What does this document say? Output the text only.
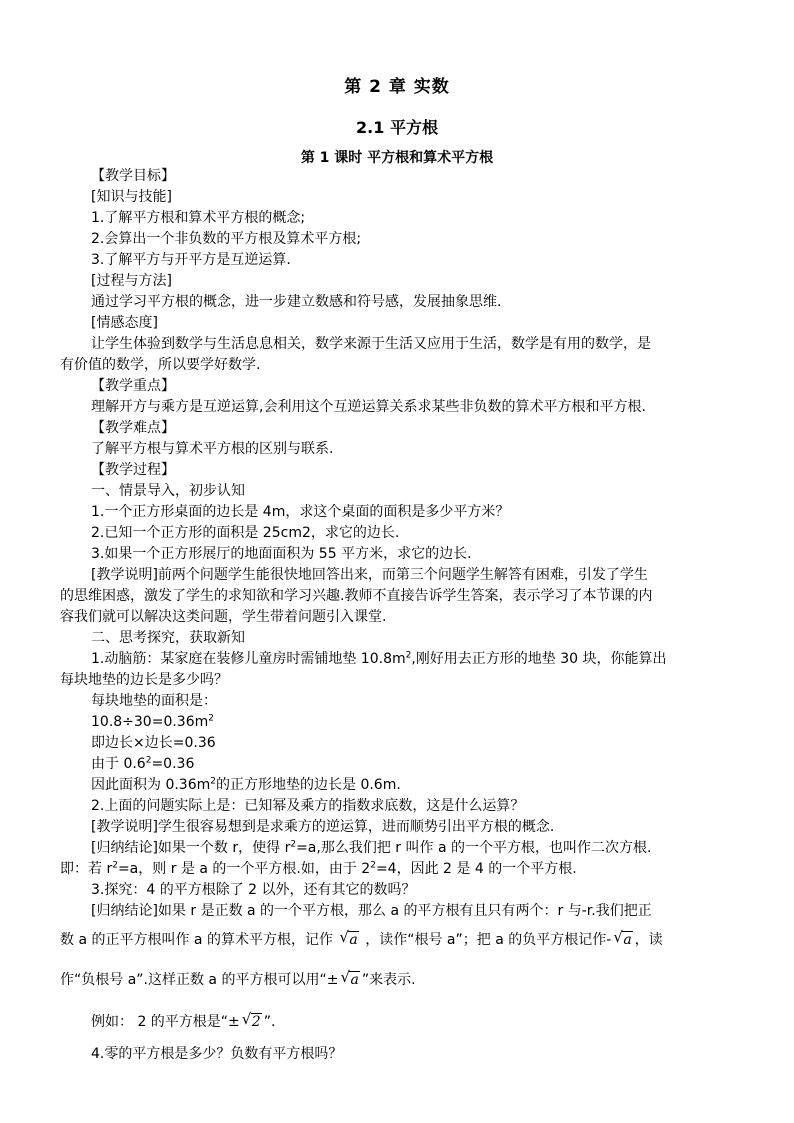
第 2 章 实数
2.1 平方根
第 1 课时 平方根和算术平方根
【教学目标】
[知识与技能]
1.了解平方根和算术平方根的概念;
2.会算出一个非负数的平方根及算术平方根;
3.了解平方与开平方是互逆运算.
[过程与方法]
通过学习平方根的概念，进一步建立数感和符号感，发展抽象思维.
[情感态度]
让学生体验到数学与生活息息相关，数学来源于生活又应用于生活，数学是有用的数学，是
有价值的数学，所以要学好数学.
【教学重点】
理解开方与乘方是互逆运算,会利用这个互逆运算关系求某些非负数的算术平方根和平方根.
【教学难点】
了解平方根与算术平方根的区别与联系.
【教学过程】
一、情景导入，初步认知
1.一个正方形桌面的边长是 4m，求这个桌面的面积是多少平方米？
2.已知一个正方形的面积是 25cm2，求它的边长.
3.如果一个正方形展厅的地面面积为 55 平方米，求它的边长.
[教学说明]前两个问题学生能很快地回答出来，而第三个问题学生解答有困难，引发了学生
的思维困惑，激发了学生的求知欲和学习兴趣.教师不直接告诉学生答案，表示学习了本节课的内
容我们就可以解决这类问题，学生带着问题引入课堂.
二、思考探究，获取新知
1.动脑筋：某家庭在装修儿童房时需铺地垫 $10.8m^2$,刚好用去正方形的地垫 30 块，你能算出
每块地垫的边长是多少吗？
每块地垫的面积是：
$10.8\div 30=0.36m^2$
即边长×边长=0.36
由于 $0.6^2=0.36$
因此面积为 $0.36m^2$的正方形地垫的边长是 0.6m.
2.上面的问题实际上是：已知幂及乘方的指数求底数，这是什么运算？
[教学说明]学生很容易想到是求乘方的逆运算，进而顺势引出平方根的概念.
[归纳结论]如果一个数 r，使得 $r^2=a$,那么我们把 r 叫作 a 的一个平方根，也叫作二次方根.
即：若 $r^2=a$，则 r 是 a 的一个平方根.如，由于 $2^2=4$，因此 2 是 4 的一个平方根.
3.探究：4 的平方根除了 2 以外，还有其它的数吗？
[归纳结论]如果 r 是正数 a 的一个平方根，那么 a 的平方根有且只有两个：r 与-r.我们把正
数 a 的正平方根叫作 a 的算术平方根，记作 √ a ，读作“根号 a”；把 a 的负平方根记作- √ a ，读
作“负根号 a”.这样正数 a 的平方根可以用“± √ a ”来表示.
例如： 2 的平方根是“± √ 2 ”.
4.零的平方根是多少？负数有平方根吗？
